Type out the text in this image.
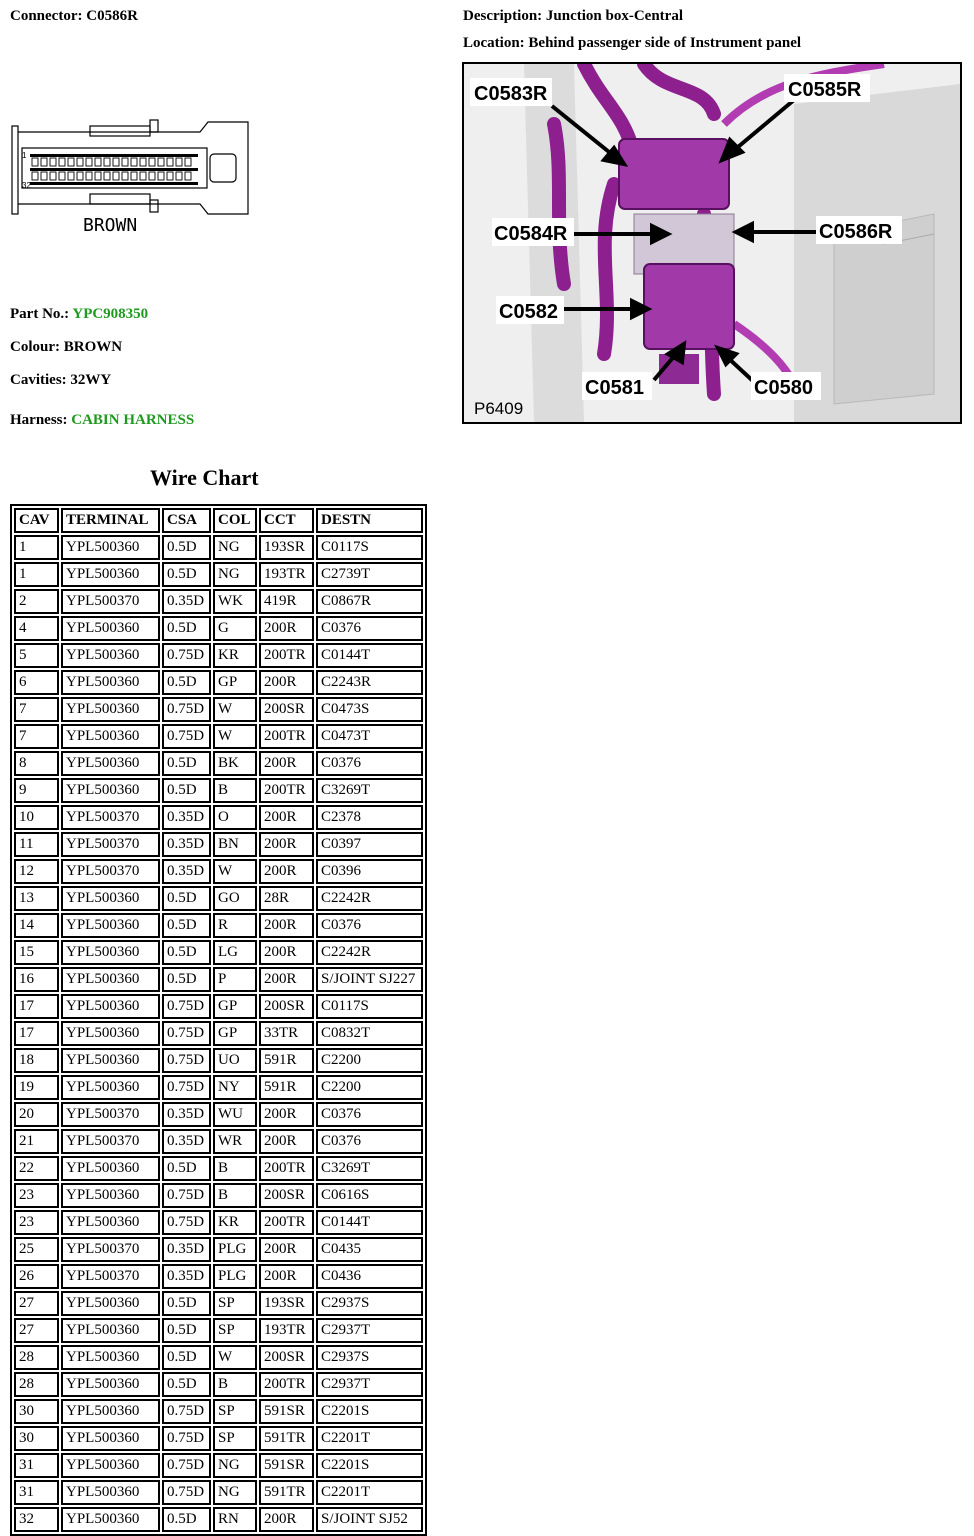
Connector: C0586R	Description: Junction box-Central
Location: Behind passenger side of Instrument panel
1
32
BROWN
Part No.: YPC908350
Colour: BROWN
Cavities: 32WY
Harness: CABIN HARNESS
C0583R	C0585R
C0584R	C0586R
C0582
C0581	C0580
P6409
Wire Chart
CAV	TERMINAL	CSA	COL	CCT	DESTN
1	YPL500360	0.5D	NG	193SR	C0117S
1	YPL500360	0.5D	NG	193TR	C2739T
2	YPL500370	0.35D	WK	419R	C0867R
4	YPL500360	0.5D	G	200R	C0376
5	YPL500360	0.75D	KR	200TR	C0144T
6	YPL500360	0.5D	GP	200R	C2243R
7	YPL500360	0.75D	W	200SR	C0473S
7	YPL500360	0.75D	W	200TR	C0473T
8	YPL500360	0.5D	BK	200R	C0376
9	YPL500360	0.5D	B	200TR	C3269T
10	YPL500370	0.35D	O	200R	C2378
11	YPL500370	0.35D	BN	200R	C0397
12	YPL500370	0.35D	W	200R	C0396
13	YPL500360	0.5D	GO	28R	C2242R
14	YPL500360	0.5D	R	200R	C0376
15	YPL500360	0.5D	LG	200R	C2242R
16	YPL500360	0.5D	P	200R	S/JOINT SJ227
17	YPL500360	0.75D	GP	200SR	C0117S
17	YPL500360	0.75D	GP	33TR	C0832T
18	YPL500360	0.75D	UO	591R	C2200
19	YPL500360	0.75D	NY	591R	C2200
20	YPL500370	0.35D	WU	200R	C0376
21	YPL500370	0.35D	WR	200R	C0376
22	YPL500360	0.5D	B	200TR	C3269T
23	YPL500360	0.75D	B	200SR	C0616S
23	YPL500360	0.75D	KR	200TR	C0144T
25	YPL500370	0.35D	PLG	200R	C0435
26	YPL500370	0.35D	PLG	200R	C0436
27	YPL500360	0.5D	SP	193SR	C2937S
27	YPL500360	0.5D	SP	193TR	C2937T
28	YPL500360	0.5D	W	200SR	C2937S
28	YPL500360	0.5D	B	200TR	C2937T
30	YPL500360	0.75D	SP	591SR	C2201S
30	YPL500360	0.75D	SP	591TR	C2201T
31	YPL500360	0.75D	NG	591SR	C2201S
31	YPL500360	0.75D	NG	591TR	C2201T
32	YPL500360	0.5D	RN	200R	S/JOINT SJ52
